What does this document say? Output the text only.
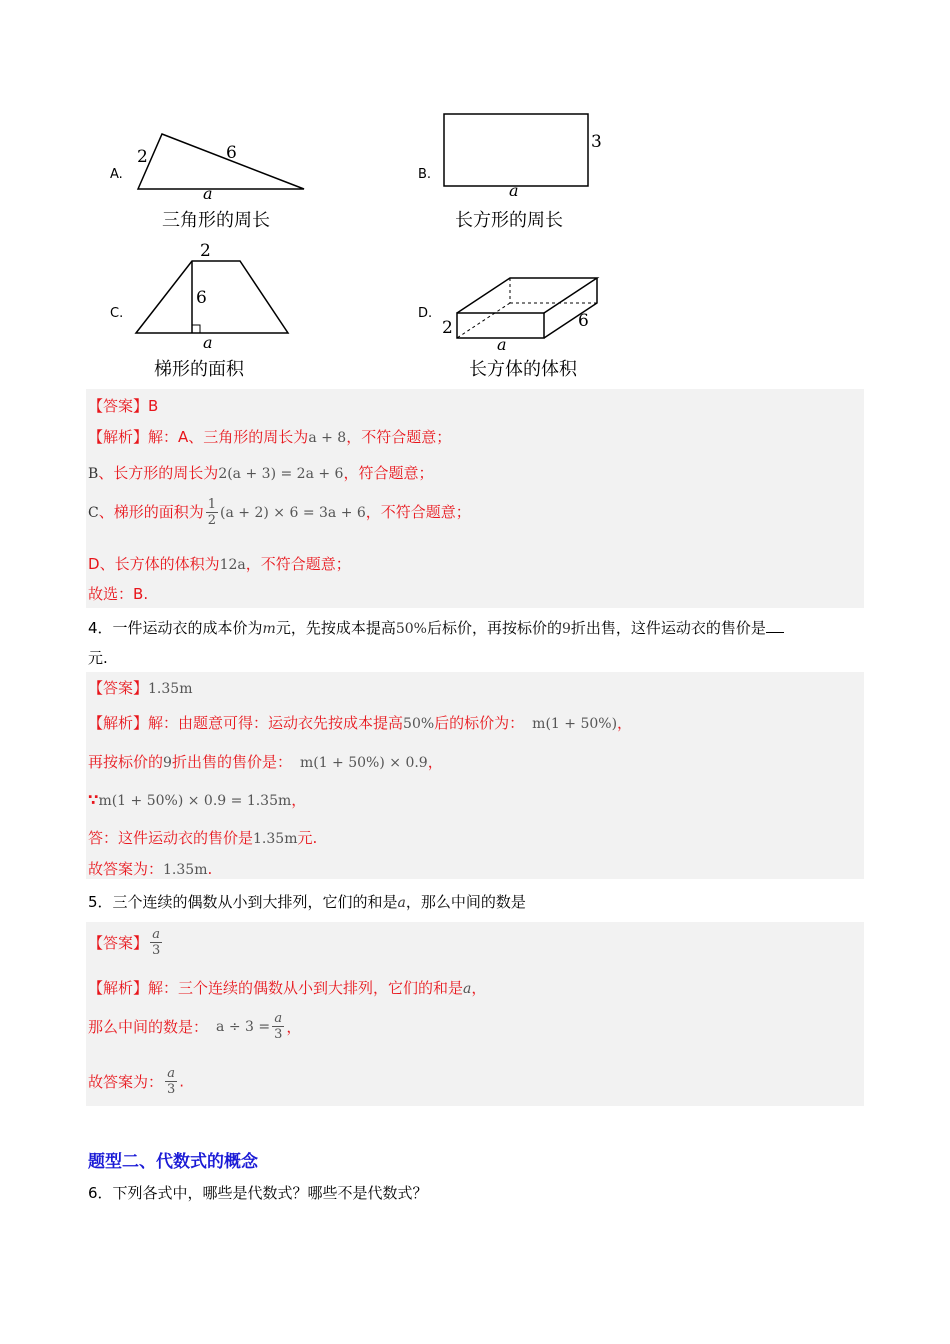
A.
2	6
a
三角形的周长
B.
3
a
长方形的周长
C.
2
6
a
梯形的面积
D.
2	6
a
长方体的体积
【答案】B
【解析】解：A、三角形的周长为a + 8，不符合题意；
B、长方形的周长为2(a + 3) = 2a + 6，符合题意；
C、梯形的面积为 $\frac{1}{2} (a + 2) \times 6 = 3a + 6$，不符合题意；
D、长方体的体积为12a，不符合题意；
故选：B.
4．一件运动衣的成本价为m元，先按成本提高50%后标价，再按标价的9折出售，这件运动衣的售价是
元.
【答案】1.35m
【解析】解：由题意可得：运动衣先按成本提高50%后的标价为： m(1 + 50%)，
再按标价的9折出售的售价是： m(1 + 50%) × 0.9，
∵m(1 + 50%) × 0.9 = 1.35m，
答：这件运动衣的售价是1.35m元.
故答案为：1.35m.
5．三个连续的偶数从小到大排列，它们的和是a，那么中间的数是
【答案】 $\frac{a}{3}$
【解析】解：三个连续的偶数从小到大排列，它们的和是a，
那么中间的数是： $a \div 3 = \frac{a}{3}$ ，
故答案为： $\frac{a}{3}$ .
题型二、代数式的概念
6．下列各式中，哪些是代数式？哪些不是代数式？
